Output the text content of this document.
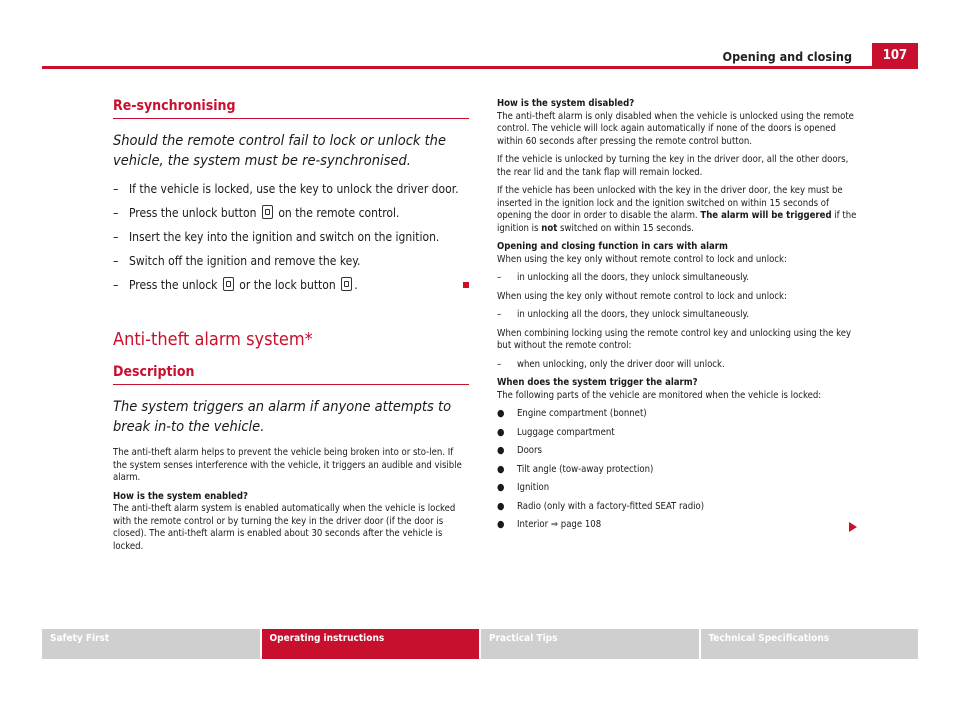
107
Opening and closing
Re-synchronising

Should the remote control fail to lock or unlock the vehicle, the system must be re-synchronised.

– If the vehicle is locked, use the key to unlock the driver door.
– Press the unlock button on the remote control.
– Insert the key into the ignition and switch on the ignition.
– Switch off the ignition and remove the key.
– Press the unlock or the lock button .
Anti-theft alarm system*
Description

The system triggers an alarm if anyone attempts to break in-to the vehicle.

The anti-theft alarm helps to prevent the vehicle being broken into or sto-len. If the system senses interference with the vehicle, it triggers an audible and visible alarm.

How is the system enabled?

The anti-theft alarm system is enabled automatically when the vehicle is locked with the remote control or by turning the key in the driver door (if the door is closed). The anti-theft alarm is enabled about 30 seconds after the vehicle is locked.

How is the system disabled?

The anti-theft alarm is only disabled when the vehicle is unlocked using the remote control. The vehicle will lock again automatically if none of the doors is opened within 60 seconds after pressing the remote control button.

If the vehicle is unlocked by turning the key in the driver door, all the other doors, the rear lid and the tank flap will remain locked.

If the vehicle has been unlocked with the key in the driver door, the key must be inserted in the ignition lock and the ignition switched on within 15 seconds of opening the door in order to disable the alarm. The alarm will be triggered if the ignition is not switched on within 15 seconds.

Opening and closing function in cars with alarm

When using the key only without remote control to lock and unlock:

– in unlocking all the doors, they unlock simultaneously.

When using the key only without remote control to lock and unlock:

– in unlocking all the doors, they unlock simultaneously.

When combining locking using the remote control key and unlocking using the key but without the remote control:

– when unlocking, only the driver door will unlock.

When does the system trigger the alarm?

The following parts of the vehicle are monitored when the vehicle is locked:

● Engine compartment (bonnet)
● Luggage compartment
● Doors
● Tilt angle (tow-away protection)
● Ignition
● Radio (only with a factory-fitted SEAT radio)
● Interior ⇒ page 108
Safety First	Operating instructions	Practical Tips	Technical Specifications
